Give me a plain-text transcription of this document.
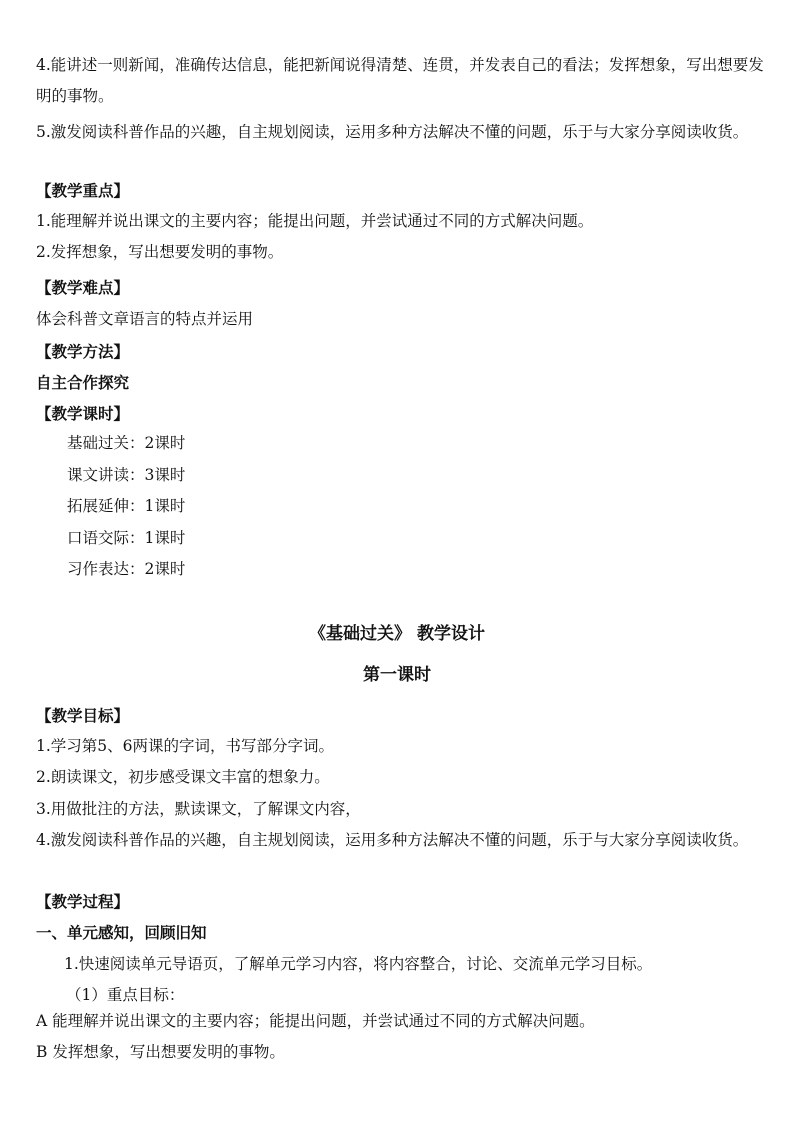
4.能讲述一则新闻，准确传达信息，能把新闻说得清楚、连贯，并发表自己的看法；发挥想象，写出想要发明的事物。
5.激发阅读科普作品的兴趣，自主规划阅读，运用多种方法解决不懂的问题，乐于与大家分享阅读收货。
【教学重点】
1.能理解并说出课文的主要内容；能提出问题，并尝试通过不同的方式解决问题。
2.发挥想象，写出想要发明的事物。
【教学难点】
体会科普文章语言的特点并运用
【教学方法】
自主合作探究
【教学课时】
基础过关：2课时
课文讲读：3课时
拓展延伸：1课时
口语交际：1课时
习作表达：2课时
《基础过关》 教学设计
第一课时
【教学目标】
1.学习第5、6两课的字词，书写部分字词。
2.朗读课文，初步感受课文丰富的想象力。
3.用做批注的方法，默读课文，了解课文内容，
4.激发阅读科普作品的兴趣，自主规划阅读，运用多种方法解决不懂的问题，乐于与大家分享阅读收货。
【教学过程】
一、单元感知，回顾旧知
1.快速阅读单元导语页，了解单元学习内容，将内容整合，讨论、交流单元学习目标。
（1）重点目标：
A 能理解并说出课文的主要内容；能提出问题，并尝试通过不同的方式解决问题。
B 发挥想象，写出想要发明的事物。
